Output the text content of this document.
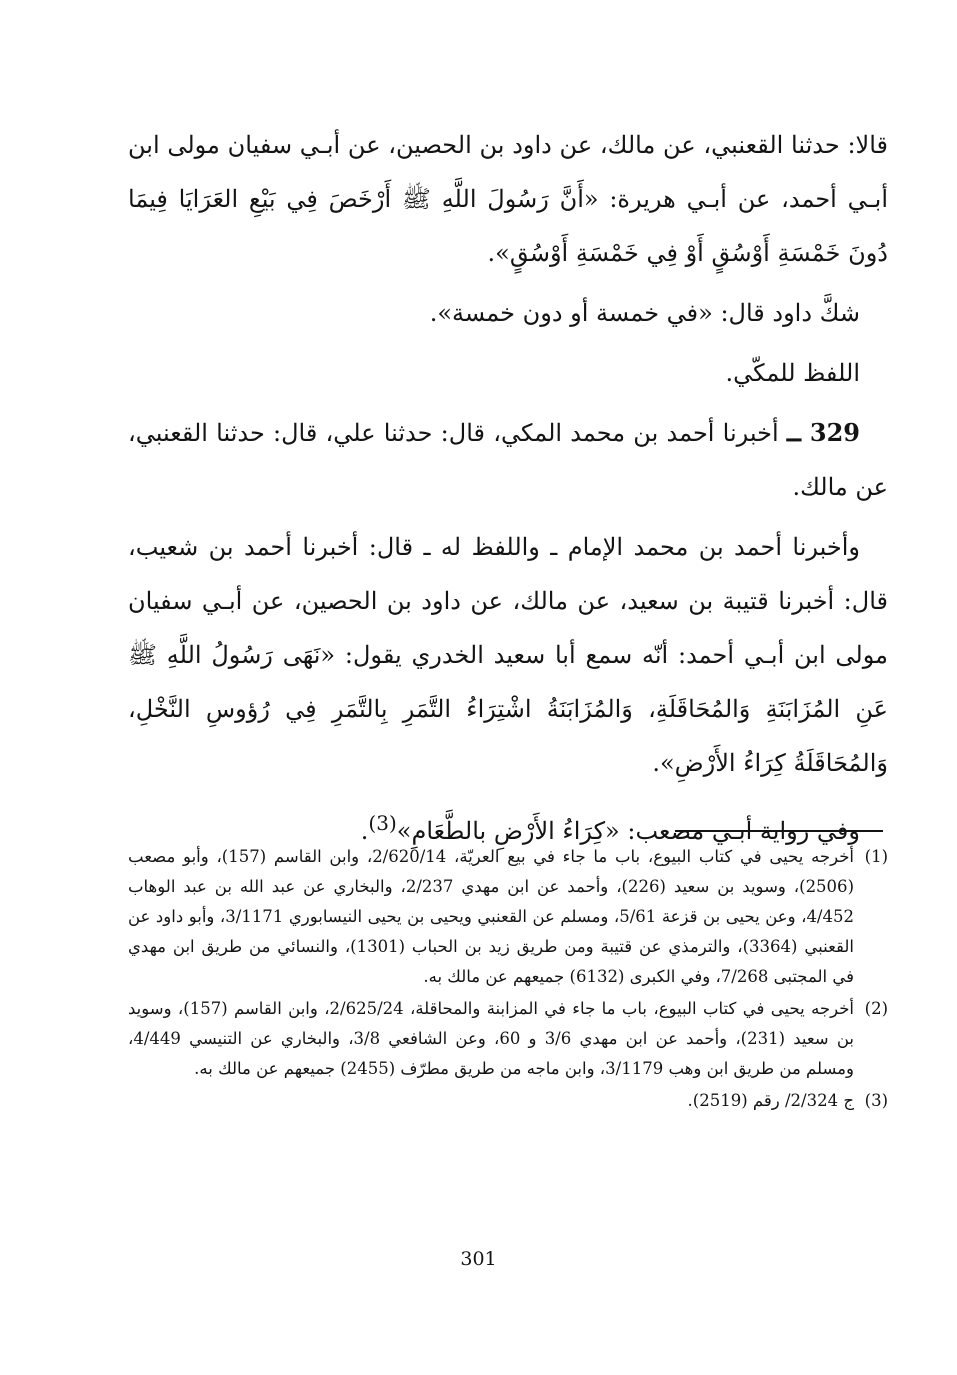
قالا: حدثنا القعنبي، عن مالك، عن داود بن الحصين، عن أبـي سفيان مولى ابن أبـي أحمد، عن أبـي هريرة: «أَنَّ رَسُولَ اللَّهِ ﷺ أَرْخَصَ فِي بَيْعِ العَرَايَا فِيمَا دُونَ خَمْسَةِ أَوْسُقٍ أَوْ فِي خَمْسَةِ أَوْسُقٍ».

شكَّ داود قال: «في خمسة أو دون خمسة».

اللفظ للمكّي.

329 ــ أخبرنا أحمد بن محمد المكي، قال: حدثنا علي، قال: حدثنا القعنبي، عن مالك.

وأخبرنا أحمد بن محمد الإمام ـ واللفظ له ـ قال: أخبرنا أحمد بن شعيب، قال: أخبرنا قتيبة بن سعيد، عن مالك، عن داود بن الحصين، عن أبـي سفيان مولى ابن أبـي أحمد: أنّه سمع أبا سعيد الخدري يقول: «نَهَى رَسُولُ اللَّهِ ﷺ عَنِ المُزَابَنَةِ وَالمُحَاقَلَةِ، وَالمُزَابَنَةُ اشْتِرَاءُ التَّمَرِ بِالتَّمَرِ فِي رُؤوسِ النَّخْلِ، وَالمُحَاقَلَةُ كِرَاءُ الأَرْضِ».

وفي رواية أبـي مصعب: «كِرَاءُ الأَرْضِ بالطَّعَامِ»$^{(3)}$.

(1)
أخرجه يحيى في كتاب البيوع، باب ما جاء في بيع العريّة، 2/620/14، وابن القاسم (157)، وأبو مصعب (2506)، وسويد بن سعيد (226)، وأحمد عن ابن مهدي 2/237، والبخاري عن عبد الله بن عبد الوهاب 4/452، وعن يحيى بن قزعة 5/61، ومسلم عن القعنبي ويحيى بن يحيى النيسابوري 3/1171، وأبو داود عن القعنبي (3364)، والترمذي عن قتيبة ومن طريق زيد بن الحباب (1301)، والنسائي من طريق ابن مهدي في المجتبى 7/268، وفي الكبرى (6132) جميعهم عن مالك به.
(2)
أخرجه يحيى في كتاب البيوع، باب ما جاء في المزابنة والمحاقلة، 2/625/24، وابن القاسم (157)، وسويد بن سعيد (231)، وأحمد عن ابن مهدي 3/6 و 60، وعن الشافعي 3/8، والبخاري عن التنيسي 4/449، ومسلم من طريق ابن وهب 3/1179، وابن ماجه من طريق مطرّف (2455) جميعهم عن مالك به.
(3)
ج 2/324/ رقم (2519).
301
